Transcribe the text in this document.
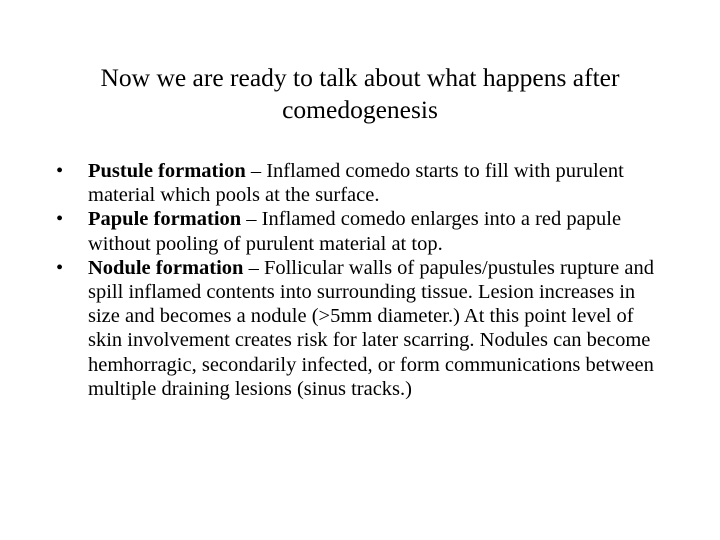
Now we are ready to talk about what happens after comedogenesis
•	Pustule formation – Inflamed comedo starts to fill with purulent material which pools at the surface.
•	Papule formation – Inflamed comedo enlarges into a red papule without pooling of purulent material at top.
•	Nodule formation – Follicular walls of papules/pustules rupture and spill inflamed contents into surrounding tissue. Lesion increases in size and becomes a nodule (>5mm diameter.) At this point level of skin involvement creates risk for later scarring. Nodules can become hemhorragic, secondarily infected, or form communications between multiple draining lesions (sinus tracks.)
